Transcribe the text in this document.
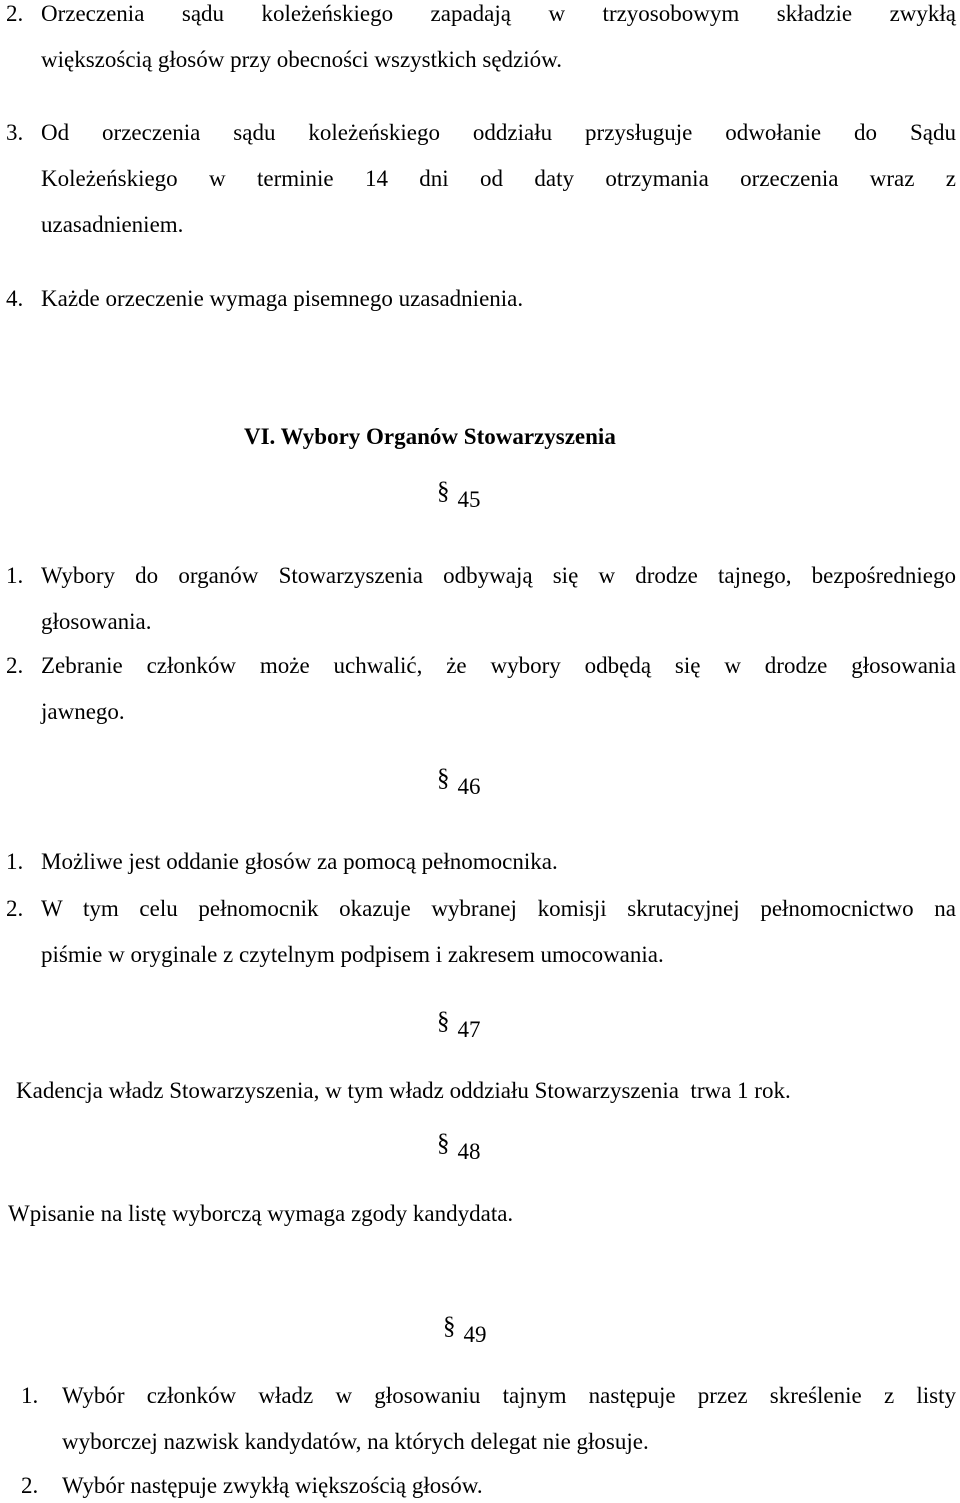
2. Orzeczenia sądu koleżeńskiego zapadają w trzyosobowym składzie zwykłą
większością głosów przy obecności wszystkich sędziów.
3. Od orzeczenia sądu koleżeńskiego oddziału przysługuje odwołanie do Sądu
Koleżeńskiego w terminie 14 dni od daty otrzymania orzeczenia wraz z
uzasadnieniem.
4. Każde orzeczenie wymaga pisemnego uzasadnienia.
VI. Wybory Organów Stowarzyszenia
§ 45
1. Wybory do organów Stowarzyszenia odbywają się w drodze tajnego, bezpośredniego
głosowania.
2. Zebranie członków może uchwalić, że wybory odbędą się w drodze głosowania
jawnego.
§ 46
1. Możliwe jest oddanie głosów za pomocą pełnomocnika.
2. W tym celu pełnomocnik okazuje wybranej komisji skrutacyjnej pełnomocnictwo na
piśmie w oryginale z czytelnym podpisem i zakresem umocowania.
§ 47
Kadencja władz Stowarzyszenia, w tym władz oddziału Stowarzyszenia  trwa 1 rok.
§ 48
Wpisanie na listę wyborczą wymaga zgody kandydata.
§ 49
1. Wybór członków władz w głosowaniu tajnym następuje przez skreślenie z listy
wyborczej nazwisk kandydatów, na których delegat nie głosuje.
2. Wybór następuje zwykłą większością głosów.
